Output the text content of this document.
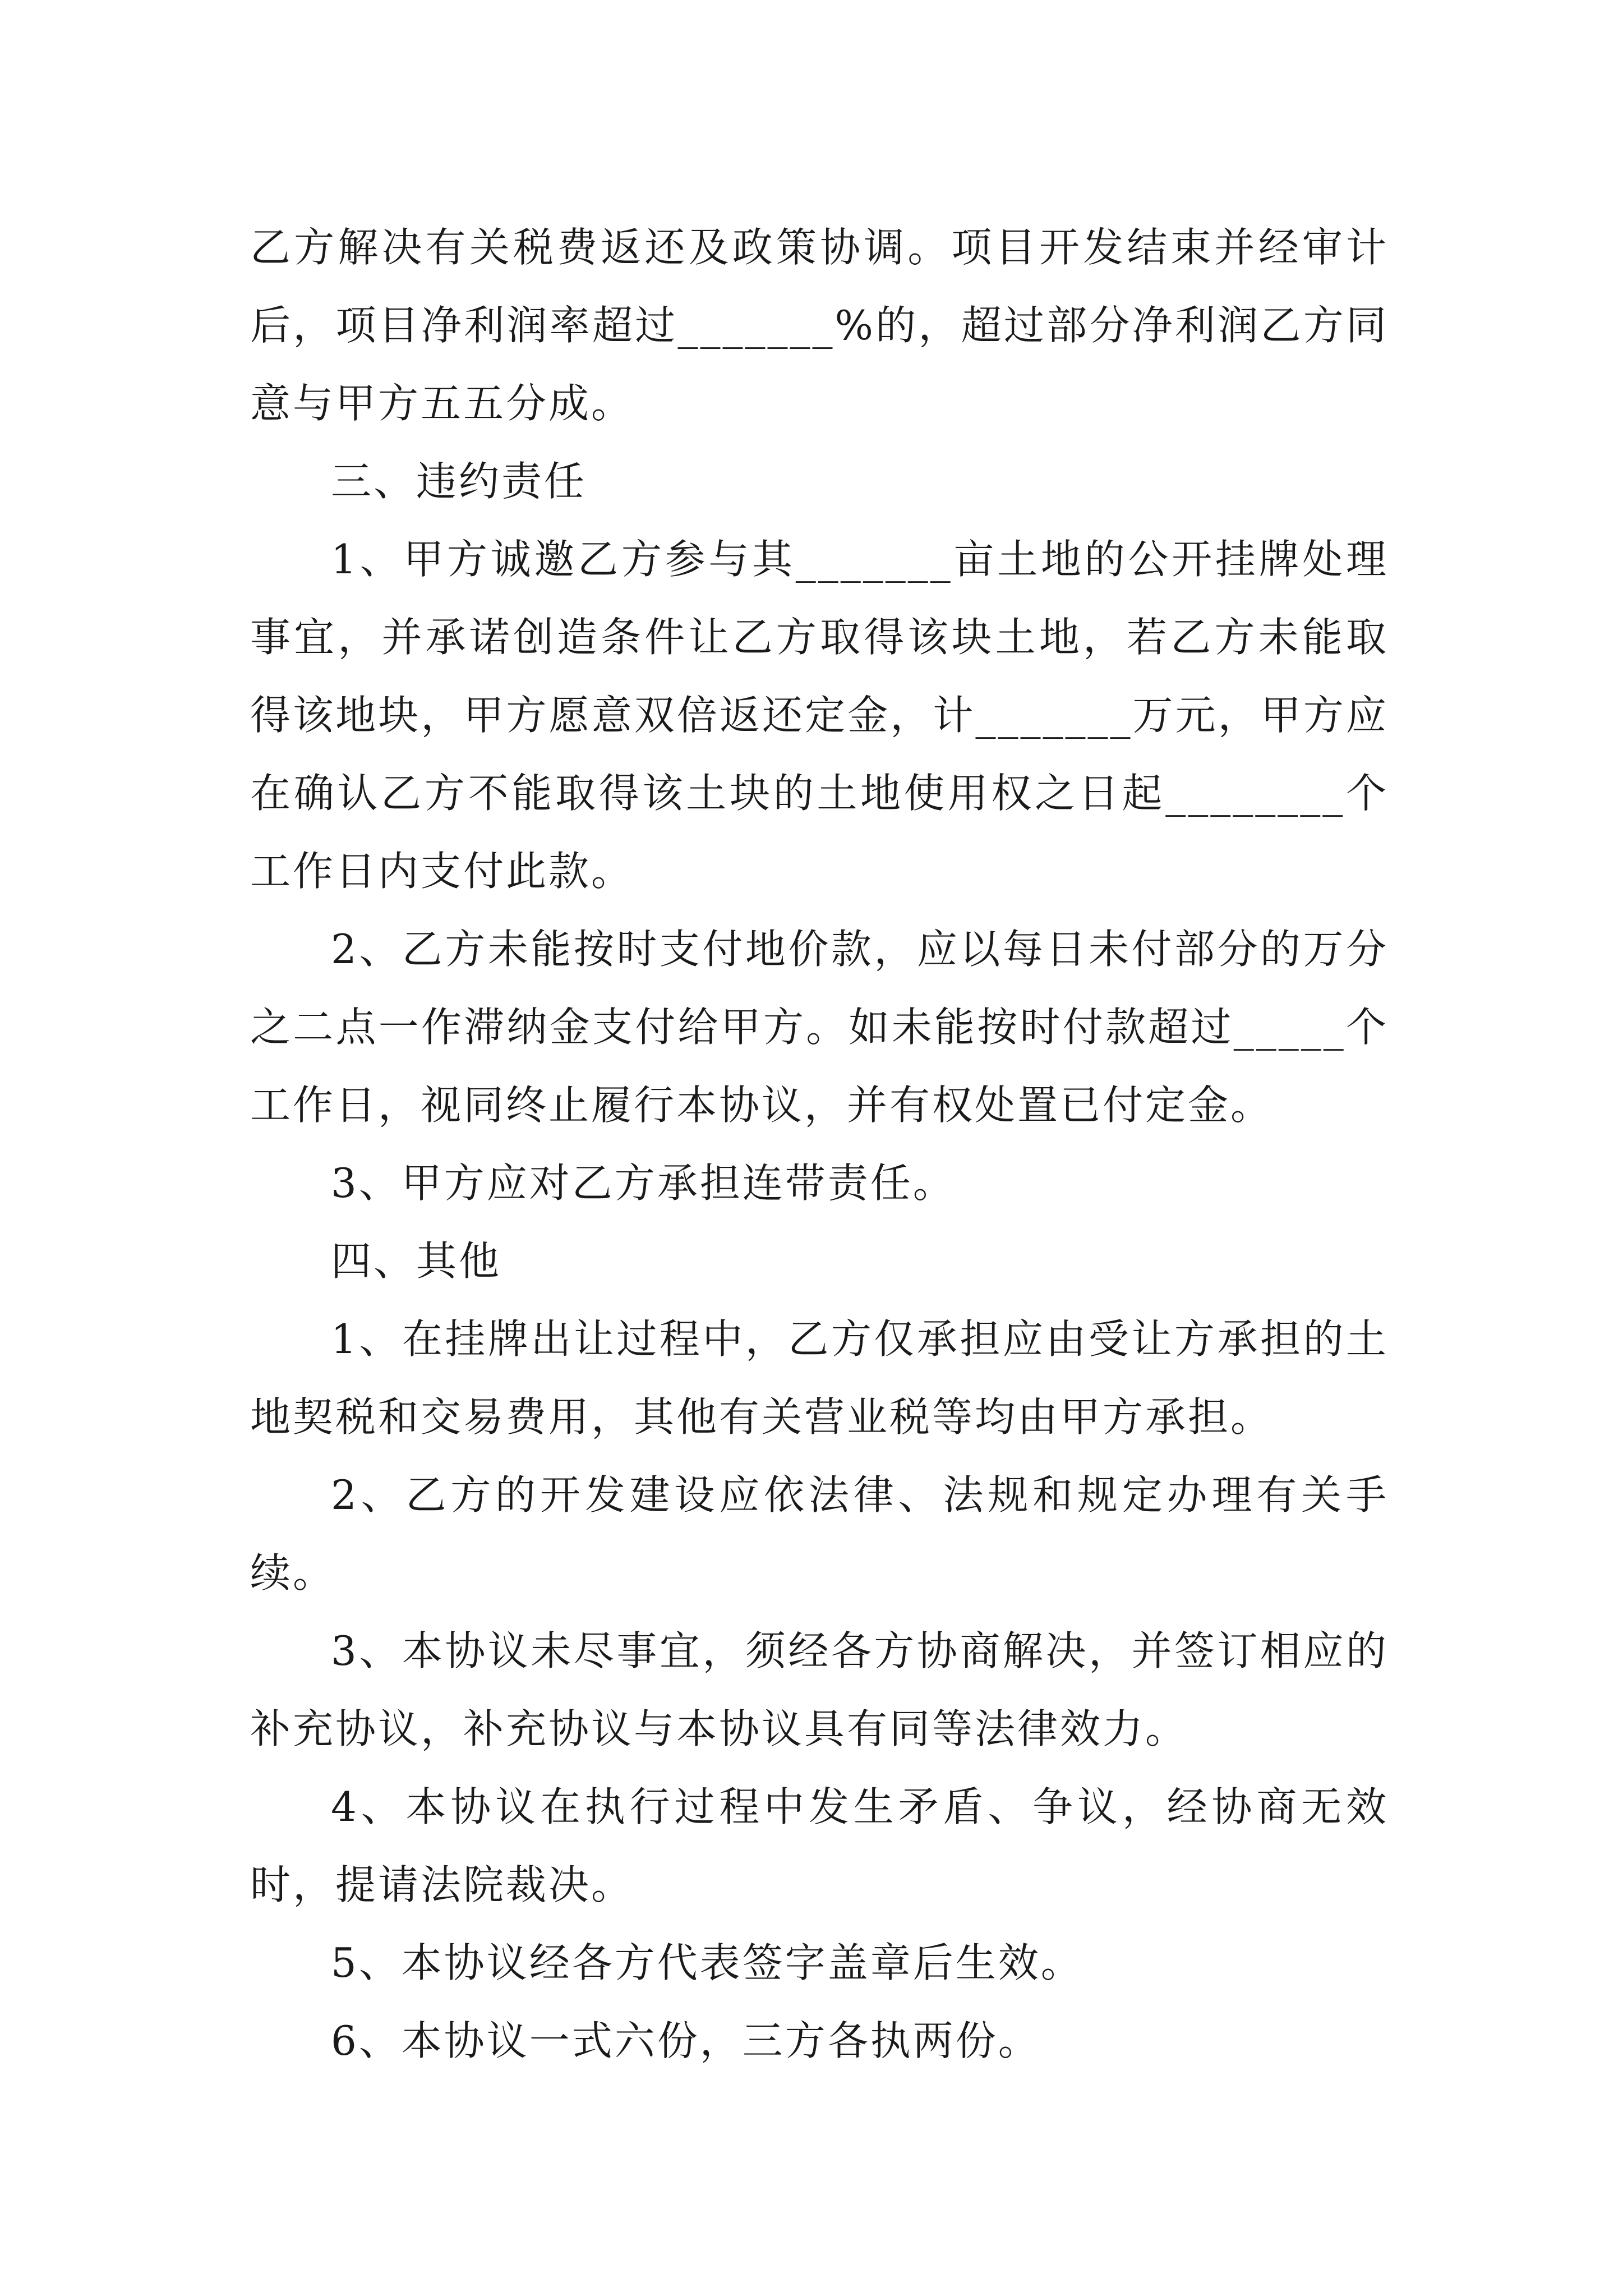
乙方解决有关税费返还及政策协调。项目开发结束并经审计后，项目净利润率超过_______%的，超过部分净利润乙方同意与甲方五五分成。

三、违约责任

1、甲方诚邀乙方参与其_______亩土地的公开挂牌处理事宜，并承诺创造条件让乙方取得该块土地，若乙方未能取得该地块，甲方愿意双倍返还定金，计_______万元，甲方应在确认乙方不能取得该土块的土地使用权之日起________个工作日内支付此款。

2、乙方未能按时支付地价款，应以每日未付部分的万分之二点一作滞纳金支付给甲方。如未能按时付款超过_____个工作日，视同终止履行本协议，并有权处置已付定金。

3、甲方应对乙方承担连带责任。

四、其他

1、在挂牌出让过程中，乙方仅承担应由受让方承担的土地契税和交易费用，其他有关营业税等均由甲方承担。

2、乙方的开发建设应依法律、法规和规定办理有关手续。

3、本协议未尽事宜，须经各方协商解决，并签订相应的补充协议，补充协议与本协议具有同等法律效力。

4、本协议在执行过程中发生矛盾、争议，经协商无效时，提请法院裁决。

5、本协议经各方代表签字盖章后生效。

6、本协议一式六份，三方各执两份。
